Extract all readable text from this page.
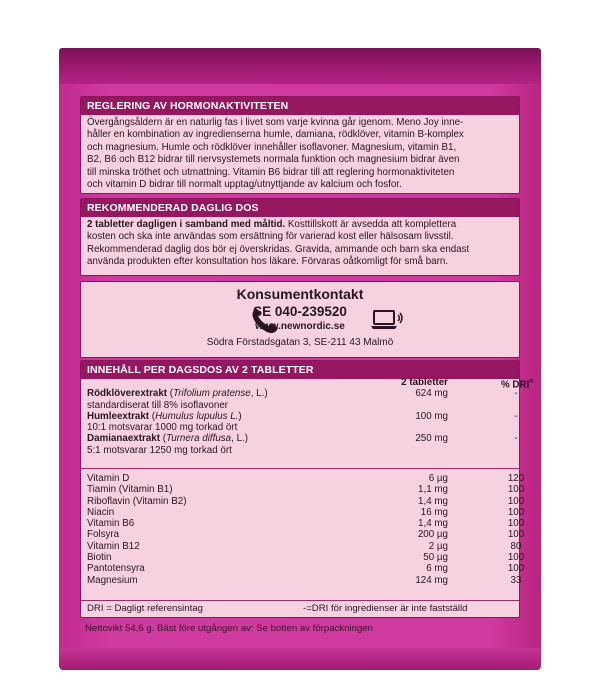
REGLERING AV HORMONAKTIVITETEN
Övergångsåldern är en naturlig fas i livet som varje kvinna går igenom. Meno Joy inne-
håller en kombination av ingredienserna humle, damiana, rödklöver, vitamin B-komplex
och magnesium. Humle och rödklöver innehåller isoflavoner. Magnesium, vitamin B1,
B2, B6 och B12 bidrar till nervsystemets normala funktion och magnesium bidrar även
till minska tröthet och utmattning. Vitamin B6 bidrar till att reglering hormonaktiviteten
och vitamin D bidrar till normalt upptag/utnyttjande av kalcium och fosfor.
REKOMMENDERAD DAGLIG DOS
2 tabletter dagligen i samband med måltid. Kosttillskott är avsedda att komplettera
kosten och ska inte användas som ersättning för varierad kost eller hälsosam livsstil.
Rekommenderad daglig dos bör ej överskridas. Gravida, ammande och barn ska endast
använda produkten efter konsultation hos läkare. Förvaras oåtkomligt för små barn.
Konsumentkontakt
SE 040-239520
www.newnordic.se
Södra Förstadsgatan 3, SE-211 43 Malmö
INNEHÅLL PER DAGSDOS AV 2 TABLETTER
2 tabletter	% DRI®
Rödklöverextrakt (Trifolium pratense, L.)	624 mg	-
standardiserat till 8% isoflavoner
Humleextrakt (Humulus lupulus L.)	100 mg	-
10:1 motsvarar 1000 mg torkad ört
Damianaextrakt (Turnera diffusa, L.)	250 mg	-
5:1 motsvarar 1250 mg torkad ört
Vitamin D	6 µg	120
Tiamin (Vitamin B1)	1,1 mg	100
Riboflavin (Vitamin B2)	1,4 mg	100
Niacin	16 mg	100
Vitamin B6	1,4 mg	100
Folsyra	200 µg	100
Vitamin B12	2 µg	80
Biotin	50 µg	100
Pantotensyra	6 mg	100
Magnesium	124 mg	33
DRI = Dagligt referensintag	-=DRI för ingredienser är inte fastställd
Nettovikt 54,6 g. Bäst före utgången av: Se botten av förpackningen
